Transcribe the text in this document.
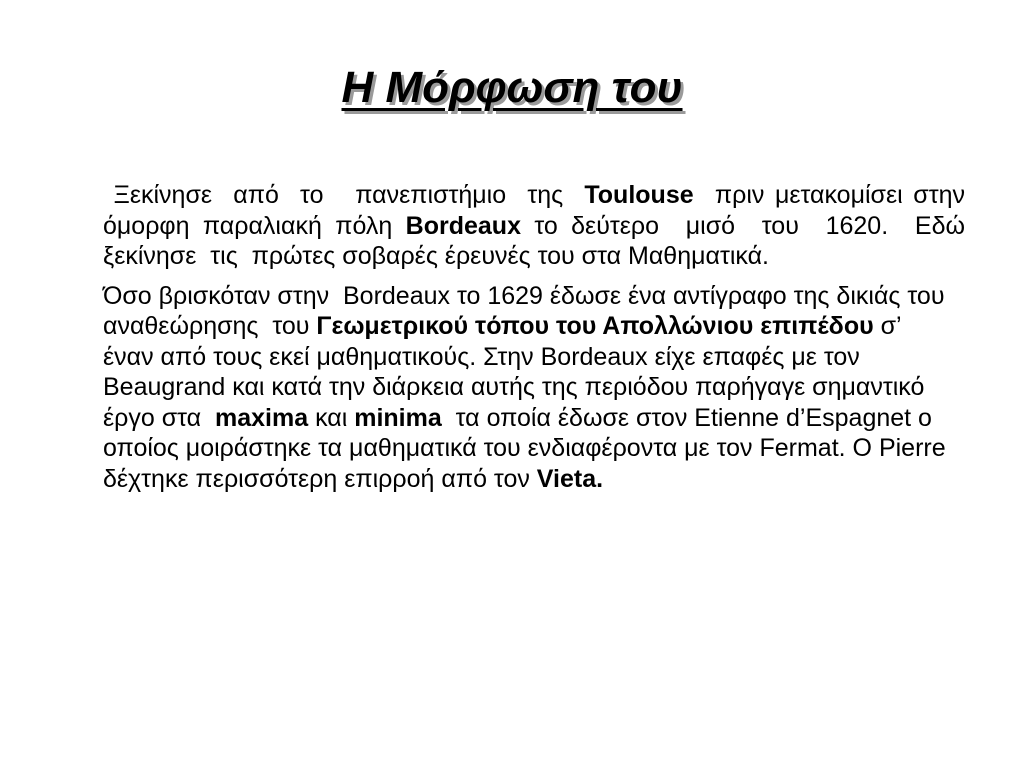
Η Μόρφωση του

Ξεκίνησε  από  το   πανεπιστήμιο  της  Toulouse  πριν μετακομίσει στην όμορφη παραλιακή πόλη Bordeaux το δεύτερο  μισό  του  1620.  Εδώ  ξεκίνησε  τις  πρώτες σοβαρές έρευνές του στα Μαθηματικά.

Όσο βρισκόταν στην  Bordeaux το 1629 έδωσε ένα αντίγραφο της δικιάς του αναθεώρησης  του Γεωμετρικού τόπου του Απολλώνιου επιπέδου σ’ έναν από τους εκεί μαθηματικούς. Στην Bordeaux είχε επαφές με τον Beaugrand και κατά την διάρκεια αυτής της περιόδου παρήγαγε σημαντικό έργο στα  maxima και minima  τα οποία έδωσε στον Etienne d’Espagnet ο οποίος μοιράστηκε τα μαθηματικά του ενδιαφέροντα με τον Fermat. Ο Pierre δέχτηκε περισσότερη επιρροή από τον Vieta.
